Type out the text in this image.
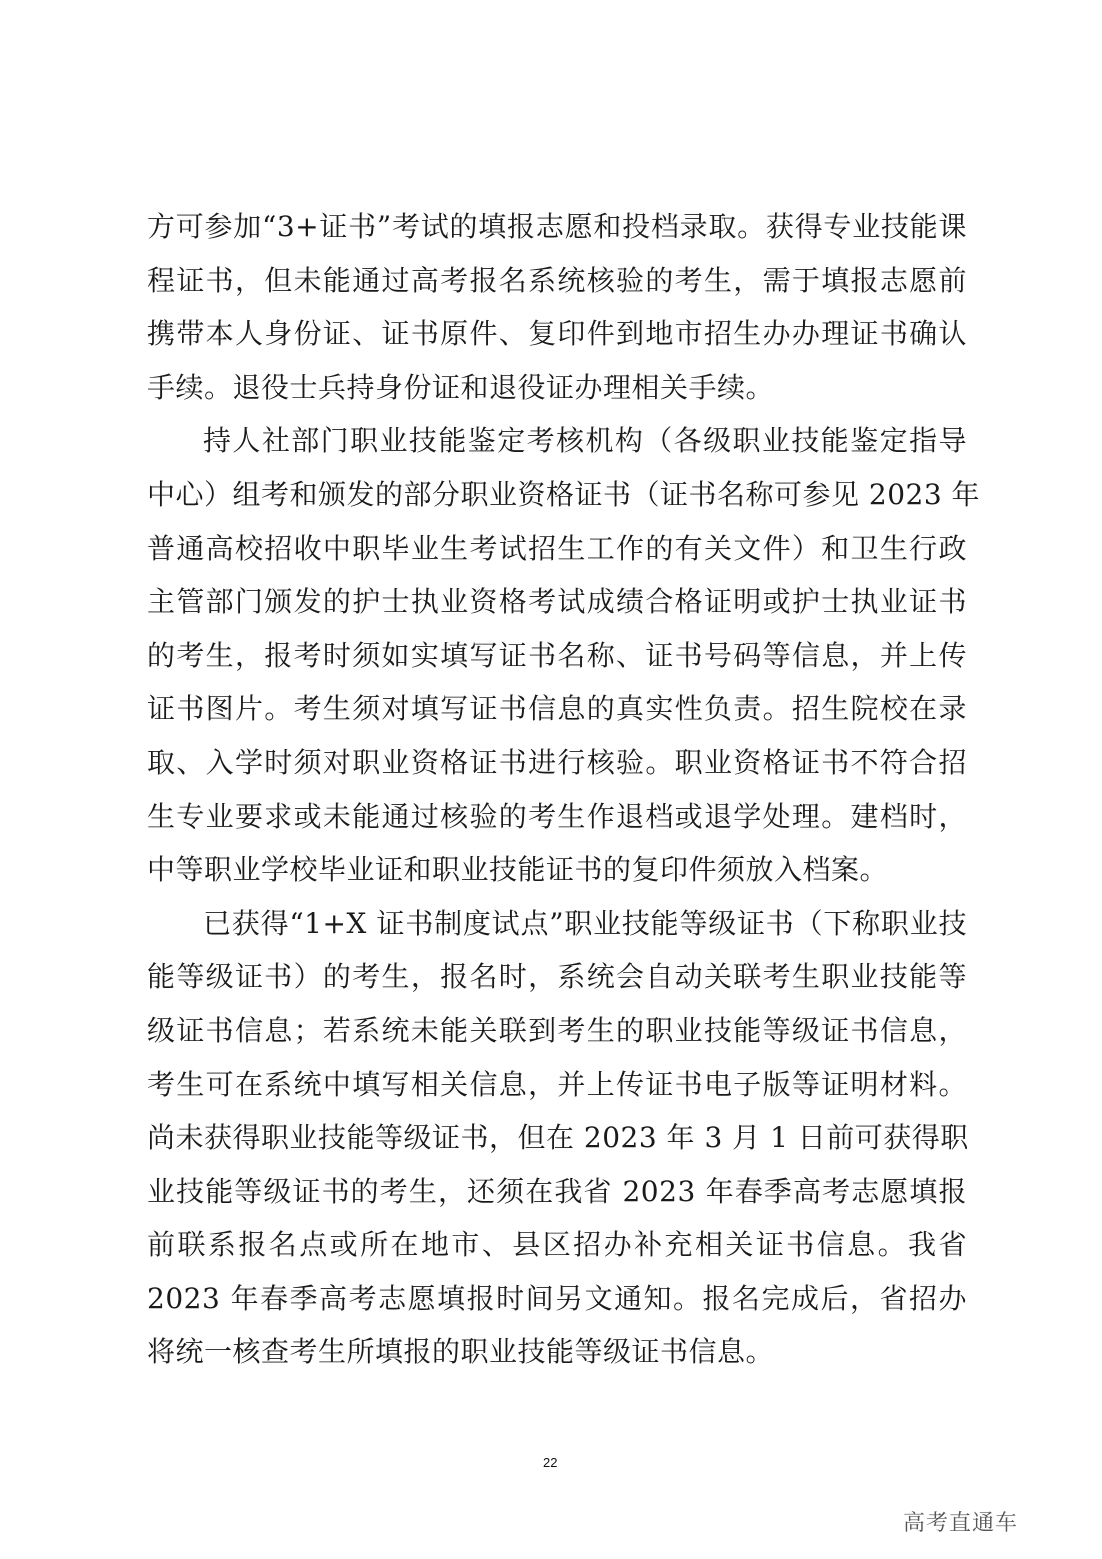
方可参加“3+证书”考试的填报志愿和投档录取。获得专业技能课
程证书，但未能通过高考报名系统核验的考生，需于填报志愿前
携带本人身份证、证书原件、复印件到地市招生办办理证书确认
手续。退役士兵持身份证和退役证办理相关手续。
持人社部门职业技能鉴定考核机构（各级职业技能鉴定指导
中心）组考和颁发的部分职业资格证书（证书名称可参见 2023 年
普通高校招收中职毕业生考试招生工作的有关文件）和卫生行政
主管部门颁发的护士执业资格考试成绩合格证明或护士执业证书
的考生，报考时须如实填写证书名称、证书号码等信息，并上传
证书图片。考生须对填写证书信息的真实性负责。招生院校在录
取、入学时须对职业资格证书进行核验。职业资格证书不符合招
生专业要求或未能通过核验的考生作退档或退学处理。建档时，
中等职业学校毕业证和职业技能证书的复印件须放入档案。
已获得“1+X 证书制度试点”职业技能等级证书（下称职业技
能等级证书）的考生，报名时，系统会自动关联考生职业技能等
级证书信息；若系统未能关联到考生的职业技能等级证书信息，
考生可在系统中填写相关信息，并上传证书电子版等证明材料。
尚未获得职业技能等级证书，但在 2023 年 3 月 1 日前可获得职
业技能等级证书的考生，还须在我省 2023 年春季高考志愿填报
前联系报名点或所在地市、县区招办补充相关证书信息。我省
2023 年春季高考志愿填报时间另文通知。报名完成后，省招办
将统一核查考生所填报的职业技能等级证书信息。
22
高考直通车
